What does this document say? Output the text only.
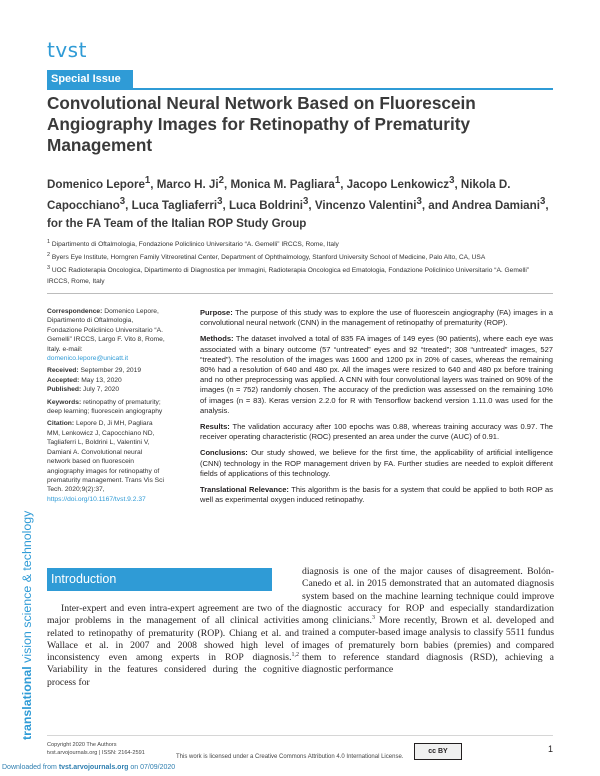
tvst
Special Issue
Convolutional Neural Network Based on Fluorescein Angiography Images for Retinopathy of Prematurity Management
Domenico Lepore$^1$, Marco H. Ji$^2$, Monica M. Pagliara$^1$, Jacopo Lenkowicz$^3$, Nikola D. Capocchiano$^3$, Luca Tagliaferri$^3$, Luca Boldrini$^3$, Vincenzo Valentini$^3$, and Andrea Damiani$^3$, for the FA Team of the Italian ROP Study Group
$^1$ Dipartimento di Oftalmologia, Fondazione Policlinico Universitario “A. Gemelli” IRCCS, Rome, Italy
$^2$ Byers Eye Institute, Horngren Family Vitreoretinal Center, Department of Ophthalmology, Stanford University School of Medicine, Palo Alto, CA, USA
$^3$ UOC Radioterapia Oncologica, Dipartimento di Diagnostica per Immagini, Radioterapia Oncologica ed Ematologia, Fondazione Policlinico Universitario “A. Gemelli” IRCCS, Rome, Italy
translational vision science & technology

Correspondence: Domenico Lepore, Dipartimento di Oftalmologia, Fondazione Policlinico Universitario “A. Gemelli” IRCCS, Largo F. Vito 8, Rome, Italy. e-mail:
domenico.lepore@unicatt.it

Received: September 29, 2019
Accepted: May 13, 2020
Published: July 7, 2020

Keywords: retinopathy of prematurity; deep learning; fluorescein angiography

Citation: Lepore D, Ji MH, Pagliara MM, Lenkowicz J, Capocchiano ND, Tagliaferri L, Boldrini L, Valentini V, Damiani A. Convolutional neural network based on fluorescein angiography images for retinopathy of prematurity management. Trans Vis Sci Tech. 2020;9(2):37,
https://doi.org/10.1167/tvst.9.2.37

Purpose: The purpose of this study was to explore the use of fluorescein angiography (FA) images in a convolutional neural network (CNN) in the management of retinopathy of prematurity (ROP).

Methods: The dataset involved a total of 835 FA images of 149 eyes (90 patients), where each eye was associated with a binary outcome (57 “untreated” eyes and 92 “treated”; 308 “untreated” images, 527 “treated”). The resolution of the images was 1600 and 1200 px in 20% of cases, whereas the remaining 80% had a resolution of 640 and 480 px. All the images were resized to 640 and 480 px before training and no other preprocessing was applied. A CNN with four convolutional layers was trained on 90% of the images (n = 752) randomly chosen. The accuracy of the prediction was assessed on the remaining 10% of images (n = 83). Keras version 2.2.0 for R with Tensorflow backend version 1.11.0 was used for the analysis.

Results: The validation accuracy after 100 epochs was 0.88, whereas training accuracy was 0.97. The receiver operating characteristic (ROC) presented an area under the curve (AUC) of 0.91.

Conclusions: Our study showed, we believe for the first time, the applicability of artificial intelligence (CNN) technology in the ROP management driven by FA. Further studies are needed to exploit different fields of applications of this technology.

Translational Relevance: This algorithm is the basis for a system that could be applied to both ROP as well as experimental oxygen induced retinopathy.

Introduction
Inter-expert and even intra-expert agreement are two of the major problems in the management of all clinical activities related to retinopathy of prematurity (ROP). Chiang et al. and Wallace et al. in 2007 and 2008 showed high level of inconsistency even among experts in ROP diagnosis.$^{1,2}$ Variability in the features considered during the cognitive process for
diagnosis is one of the major causes of disagreement. Bolón-Canedo et al. in 2015 demonstrated that an automated diagnosis system based on the machine learning technique could improve diagnostic accuracy for ROP and especially standardization among clinicians.$^3$ More recently, Brown et al. developed and trained a computer-based image analysis to classify 5511 fundus images of prematurely born babies (premies) and compared them to reference standard diagnosis (RSD), achieving a diagnostic performance
Copyright 2020 The Authors
tvst.arvojournals.org | ISSN: 2164-2591	1
cc BY
This work is licensed under a Creative Commons Attribution 4.0 International License.
Downloaded from tvst.arvojournals.org on 07/09/2020
